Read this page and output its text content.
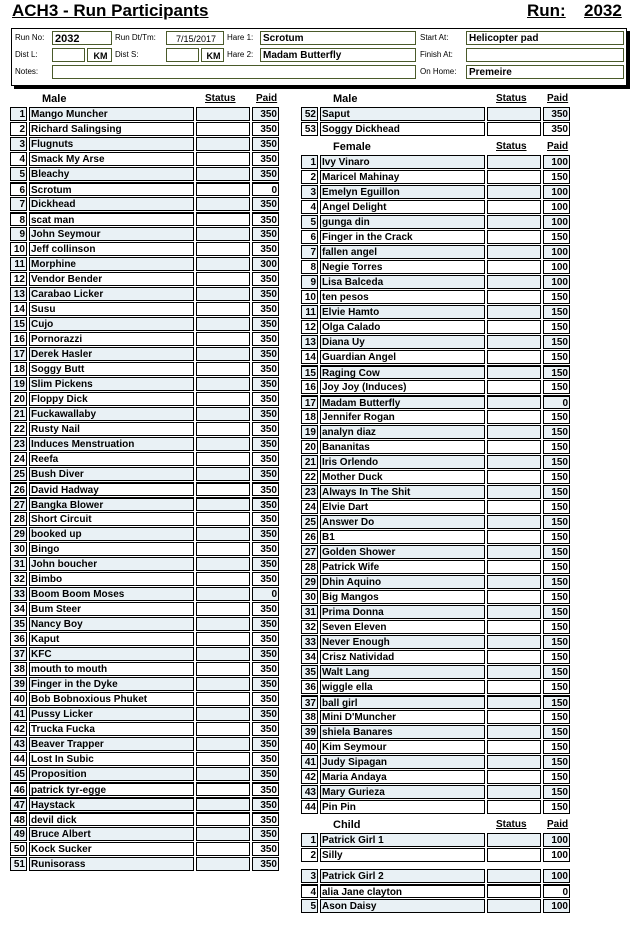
ACH3 - Run Participants	Run: 2032
Run No: 2032	Run Dt/Tm:	7/15/2017	Hare 1: Scrotum	Start At:	Helicopter pad
Dist L:	KM Dist S:	KM Hare 2: Madam Butterfly	Finish At:
Notes:	On Home:	Premeire
Male	Status Paid
1 Mango Muncher	350
2 Richard Salingsing	350
3 Flugnuts	350
4 Smack My Arse	350
5 Bleachy	350
6 Scrotum	0
7 Dickhead	350
8 scat man	350
9 John Seymour	350
10 Jeff collinson	350
11 Morphine	300
12 Vendor Bender	350
13 Carabao Licker	350
14 Susu	350
15 Cujo	350
16 Pornorazzi	350
17 Derek Hasler	350
18 Soggy Butt	350
19 Slim Pickens	350
20 Floppy Dick	350
21 Fuckawallaby	350
22 Rusty Nail	350
23 Induces Menstruation	350
24 Reefa	350
25 Bush Diver	350
26 David Hadway	350
27 Bangka Blower	350
28 Short Circuit	350
29 booked up	350
30 Bingo	350
31 John boucher	350
32 Bimbo	350
33 Boom Boom Moses	0
34 Bum Steer	350
35 Nancy Boy	350
36 Kaput	350
37 KFC	350
38 mouth to mouth	350
39 Finger in the Dyke	350
40 Bob Bobnoxious Phuket	350
41 Pussy Licker	350
42 Trucka Fucka	350
43 Beaver Trapper	350
44 Lost In Subic	350
45 Proposition	350
46 patrick tyr-egge	350
47 Haystack	350
48 devil dick	350
49 Bruce Albert	350
50 Kock Sucker	350
51 Runisorass	350
Male	Status Paid
52 Saput	350
53 Soggy Dickhead	350
Female	Status Paid
1 Ivy Vinaro	100
2 Maricel Mahinay	150
3 Emelyn Eguillon	100
4 Angel Delight	100
5 gunga din	100
6 Finger in the Crack	150
7 fallen angel	100
8 Negie Torres	100
9 Lisa Balceda	100
10 ten pesos	150
11 Elvie Hamto	150
12 Olga Calado	150
13 Diana Uy	150
14 Guardian Angel	150
15 Raging Cow	150
16 Joy Joy (Induces)	150
17 Madam Butterfly	0
18 Jennifer Rogan	150
19 analyn diaz	150
20 Bananitas	150
21 Iris Orlendo	150
22 Mother Duck	150
23 Always In The Shit	150
24 Elvie Dart	150
25 Answer Do	150
26 B1	150
27 Golden Shower	150
28 Patrick Wife	150
29 Dhin Aquino	150
30 Big Mangos	150
31 Prima Donna	150
32 Seven Eleven	150
33 Never Enough	150
34 Crisz Natividad	150
35 Walt Lang	150
36 wiggle ella	150
37 ball girl	150
38 Mini D'Muncher	150
39 shiela Banares	150
40 Kim Seymour	150
41 Judy Sipagan	150
42 Maria Andaya	150
43 Mary Gurieza	150
44 Pin Pin	150
Child	Status Paid
1 Patrick Girl 1	100
2 Silly	100
3 Patrick Girl 2	100
4 alia Jane clayton	0
5 Ason Daisy	100
